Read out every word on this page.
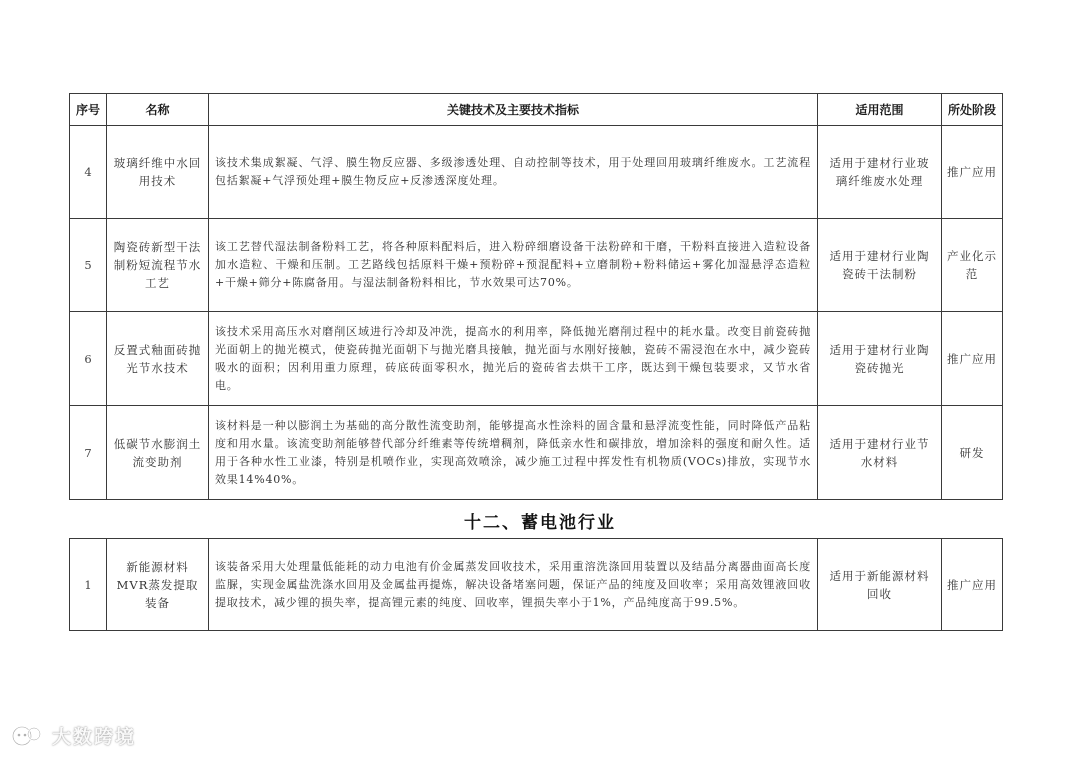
序号	名称	关键技术及主要技术指标	适用范围	所处阶段
4	玻璃纤维中水回用技术	该技术集成絮凝、气浮、膜生物反应器、多级渗透处理、自动控制等技术，用于处理回用玻璃纤维废水。工艺流程包括絮凝+气浮预处理+膜生物反应+反渗透深度处理。	适用于建材行业玻璃纤维废水处理	推广应用
5	陶瓷砖新型干法制粉短流程节水工艺	该工艺替代湿法制备粉料工艺，将各种原料配料后，进入粉碎细磨设备干法粉碎和干磨，干粉料直接进入造粒设备加水造粒、干燥和压制。工艺路线包括原料干燥+预粉碎+预混配料+立磨制粉+粉料储运+雾化加湿悬浮态造粒+干燥+筛分+陈腐备用。与湿法制备粉料相比，节水效果可达70%。	适用于建材行业陶瓷砖干法制粉	产业化示范
6	反置式釉面砖抛光节水技术	该技术采用高压水对磨削区域进行冷却及冲洗，提高水的利用率，降低抛光磨削过程中的耗水量。改变目前瓷砖抛光面朝上的抛光模式，使瓷砖抛光面朝下与抛光磨具接触，抛光面与水刚好接触，瓷砖不需浸泡在水中，减少瓷砖吸水的面积；因利用重力原理，砖底砖面零积水，抛光后的瓷砖省去烘干工序，既达到干燥包装要求，又节水省电。	适用于建材行业陶瓷砖抛光	推广应用
7	低碳节水膨润土流变助剂	该材料是一种以膨润土为基础的高分散性流变助剂，能够提高水性涂料的固含量和悬浮流变性能，同时降低产品粘度和用水量。该流变助剂能够替代部分纤维素等传统增稠剂，降低亲水性和碳排放，增加涂料的强度和耐久性。适用于各种水性工业漆，特别是机喷作业，实现高效喷涂，减少施工过程中挥发性有机物质(VOCs)排放，实现节水效果14%40%。	适用于建材行业节水材料	研发
十二、蓄电池行业
1	新能源材料MVR蒸发提取装备	该装备采用大处理量低能耗的动力电池有价金属蒸发回收技术，采用重溶洗涤回用装置以及结晶分离器曲面高长度监脲，实现金属盐洗涤水回用及金属盐再提炼，解决设备堵塞问题，保证产品的纯度及回收率；采用高效锂液回收提取技术，减少锂的损失率，提高锂元素的纯度、回收率，锂损失率小于1%，产品纯度高于99.5%。	适用于新能源材料回收	推广应用
大数跨境
